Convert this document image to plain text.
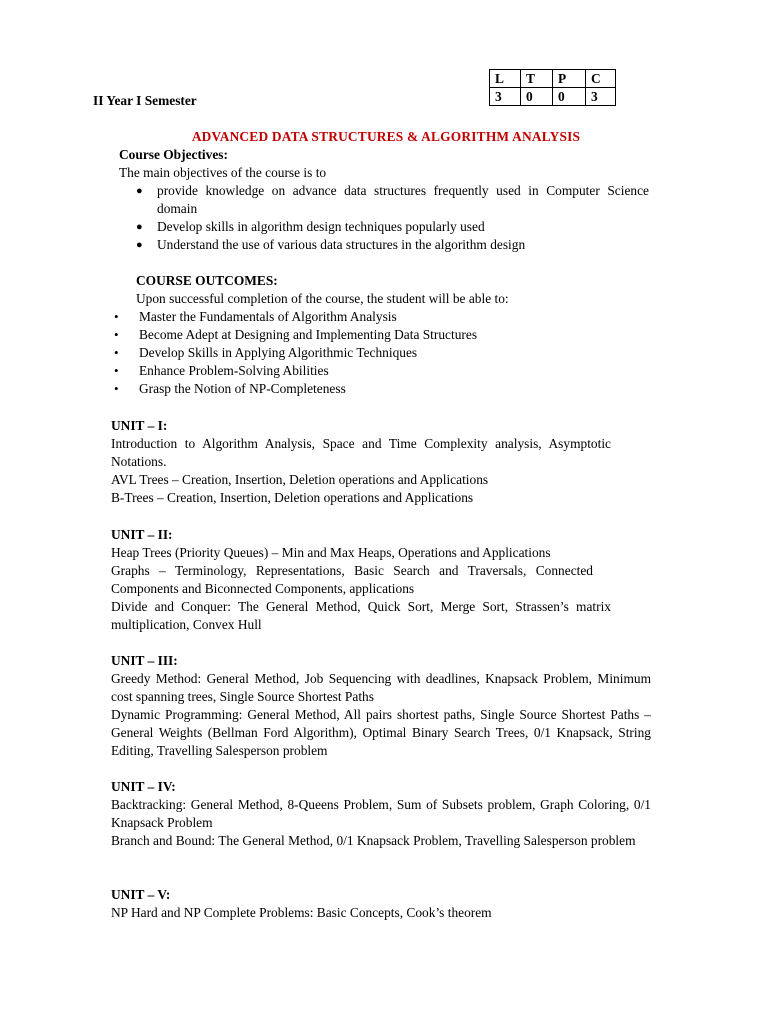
II Year I Semester
L	T	P	C
3	0	0	3
ADVANCED DATA STRUCTURES & ALGORITHM ANALYSIS
Course Objectives:
The main objectives of the course is to
● provide knowledge on advance data structures frequently used in Computer Science domain
● Develop skills in algorithm design techniques popularly used
● Understand the use of various data structures in the algorithm design
COURSE OUTCOMES:
Upon successful completion of the course, the student will be able to:
• Master the Fundamentals of Algorithm Analysis
• Become Adept at Designing and Implementing Data Structures
• Develop Skills in Applying Algorithmic Techniques
• Enhance Problem-Solving Abilities
• Grasp the Notion of NP-Completeness
UNIT – I:
Introduction to Algorithm Analysis, Space and Time Complexity analysis, Asymptotic Notations.
AVL Trees – Creation, Insertion, Deletion operations and Applications
B-Trees – Creation, Insertion, Deletion operations and Applications
UNIT – II:
Heap Trees (Priority Queues) – Min and Max Heaps, Operations and Applications
Graphs – Terminology, Representations, Basic Search and Traversals, Connected Components and Biconnected Components, applications
Divide and Conquer: The General Method, Quick Sort, Merge Sort, Strassen’s matrix multiplication, Convex Hull
UNIT – III:
Greedy Method: General Method, Job Sequencing with deadlines, Knapsack Problem, Minimum cost spanning trees, Single Source Shortest Paths
Dynamic Programming: General Method, All pairs shortest paths, Single Source Shortest Paths – General Weights (Bellman Ford Algorithm), Optimal Binary Search Trees, 0/1 Knapsack, String Editing, Travelling Salesperson problem
UNIT – IV:
Backtracking: General Method, 8-Queens Problem, Sum of Subsets problem, Graph Coloring, 0/1 Knapsack Problem
Branch and Bound: The General Method, 0/1 Knapsack Problem, Travelling Salesperson problem
UNIT – V:
NP Hard and NP Complete Problems: Basic Concepts, Cook’s theorem
